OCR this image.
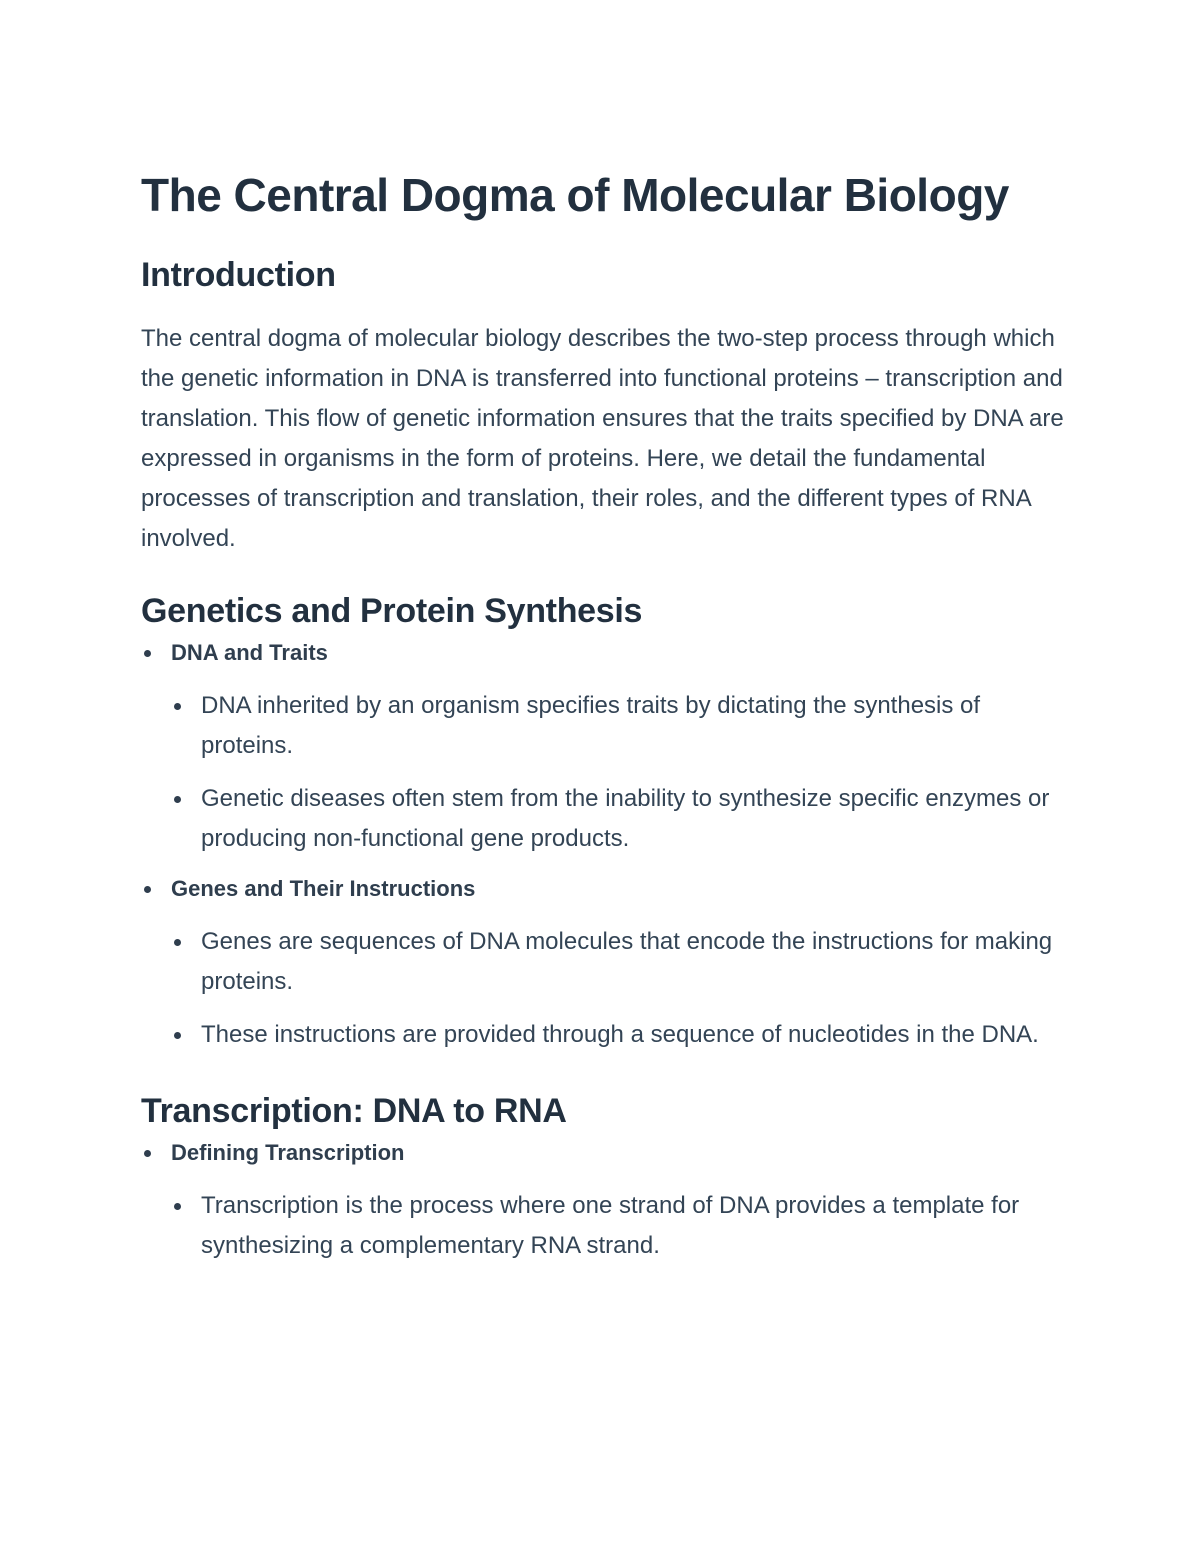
The Central Dogma of Molecular Biology
Introduction

The central dogma of molecular biology describes the two-step process through which the genetic information in DNA is transferred into functional proteins – transcription and translation. This flow of genetic information ensures that the traits specified by DNA are expressed in organisms in the form of proteins. Here, we detail the fundamental processes of transcription and translation, their roles, and the different types of RNA involved.

Genetics and Protein Synthesis
DNA and Traits
DNA inherited by an organism specifies traits by dictating the synthesis of proteins.
Genetic diseases often stem from the inability to synthesize specific enzymes or producing non-functional gene products.
Genes and Their Instructions
Genes are sequences of DNA molecules that encode the instructions for making proteins.
These instructions are provided through a sequence of nucleotides in the DNA.
Transcription: DNA to RNA
Defining Transcription
Transcription is the process where one strand of DNA provides a template for synthesizing a complementary RNA strand.
